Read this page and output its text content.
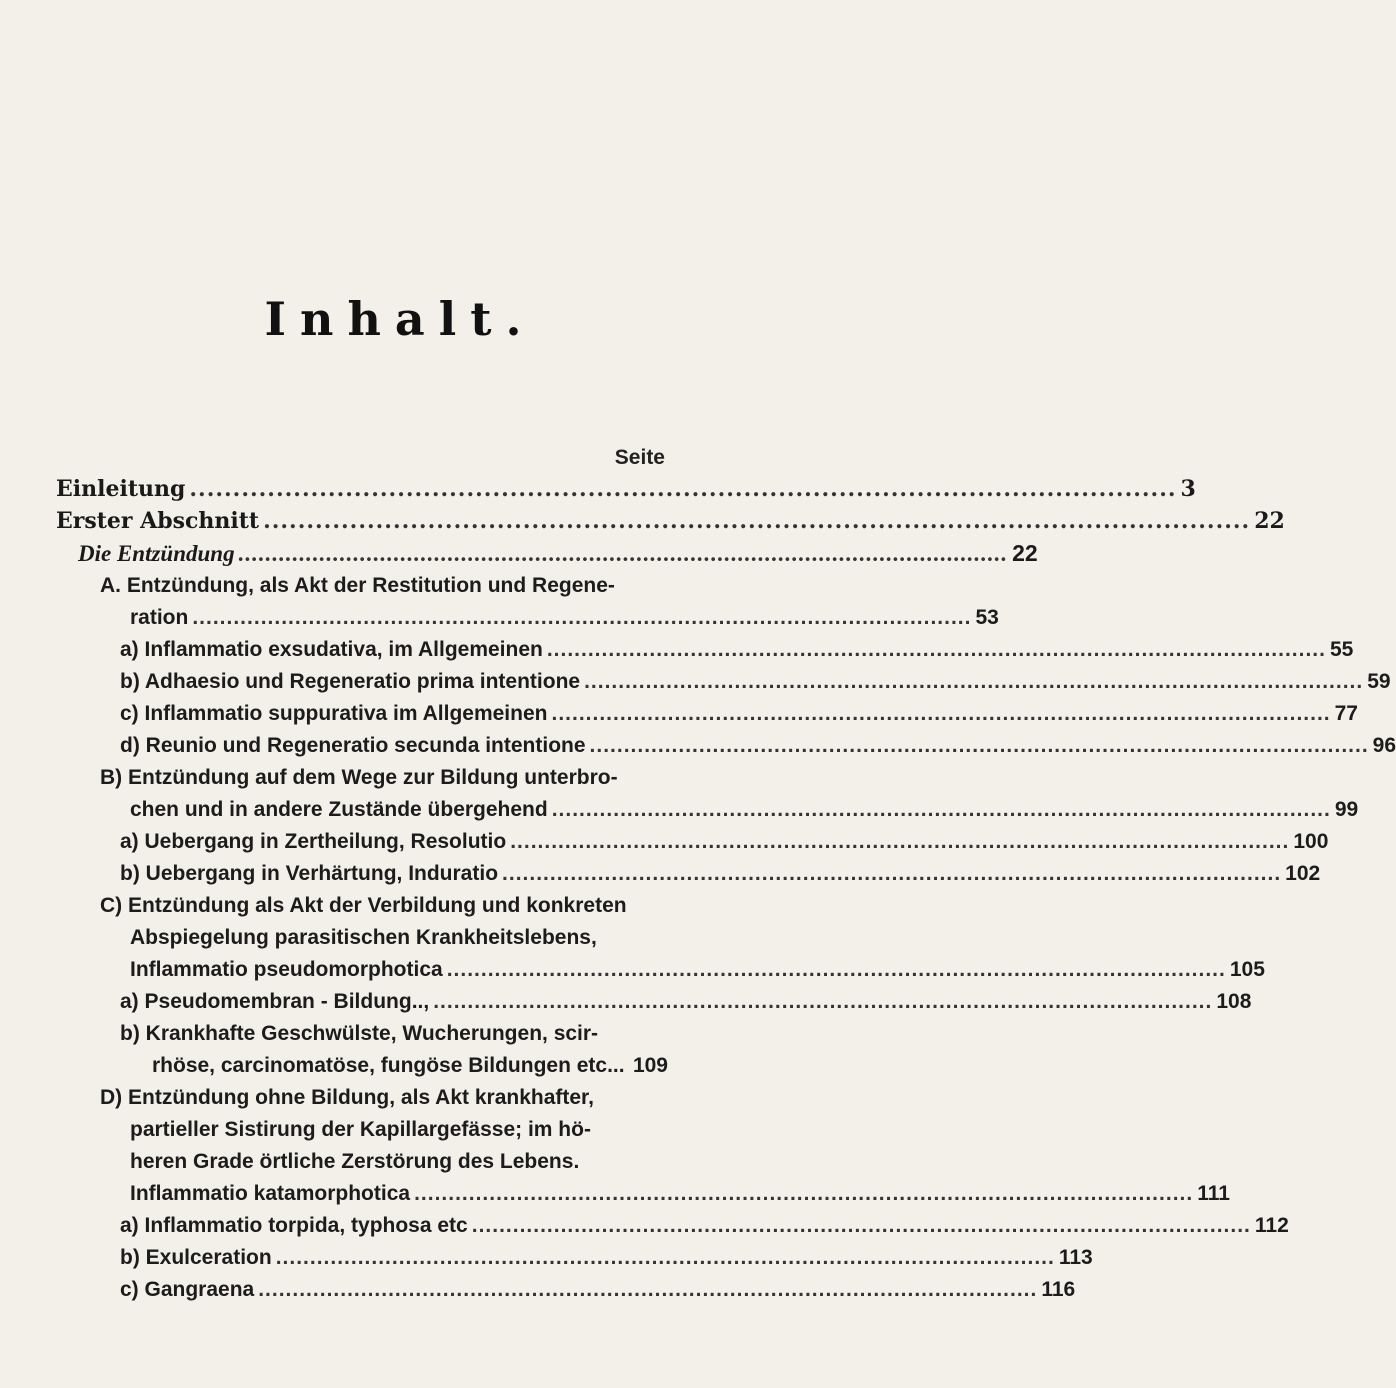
Inhalt.
Seite
Einleitung .................................................................................................................. 3
Erster Abschnitt .................................................................................................................. 22
Die Entzündung .................................................................................................................. 22
A. Entzündung, als Akt der Restitution und Regene-
ration .................................................................................................................. 53
a) Inflammatio exsudativa, im Allgemeinen .................................................................................................................. 55
b) Adhaesio und Regeneratio prima intentione .................................................................................................................. 59
c) Inflammatio suppurativa im Allgemeinen .................................................................................................................. 77
d) Reunio und Regeneratio secunda intentione .................................................................................................................. 96
B) Entzündung auf dem Wege zur Bildung unterbro-
chen und in andere Zustände übergehend .................................................................................................................. 99
a) Uebergang in Zertheilung, Resolutio .................................................................................................................. 100
b) Uebergang in Verhärtung, Induratio .................................................................................................................. 102
C) Entzündung als Akt der Verbildung und konkreten
Abspiegelung parasitischen Krankheitslebens,
Inflammatio pseudomorphotica .................................................................................................................. 105
a) Pseudomembran - Bildung.., .................................................................................................................. 108
b) Krankhafte Geschwülste, Wucherungen, scir-
rhöse, carcinomatöse, fungöse Bildungen etc... 109
D) Entzündung ohne Bildung, als Akt krankhafter,
partieller Sistirung der Kapillargefässe; im hö-
heren Grade örtliche Zerstörung des Lebens.
Inflammatio katamorphotica .................................................................................................................. 111
a) Inflammatio torpida, typhosa etc .................................................................................................................. 112
b) Exulceration .................................................................................................................. 113
c) Gangraena .................................................................................................................. 116
